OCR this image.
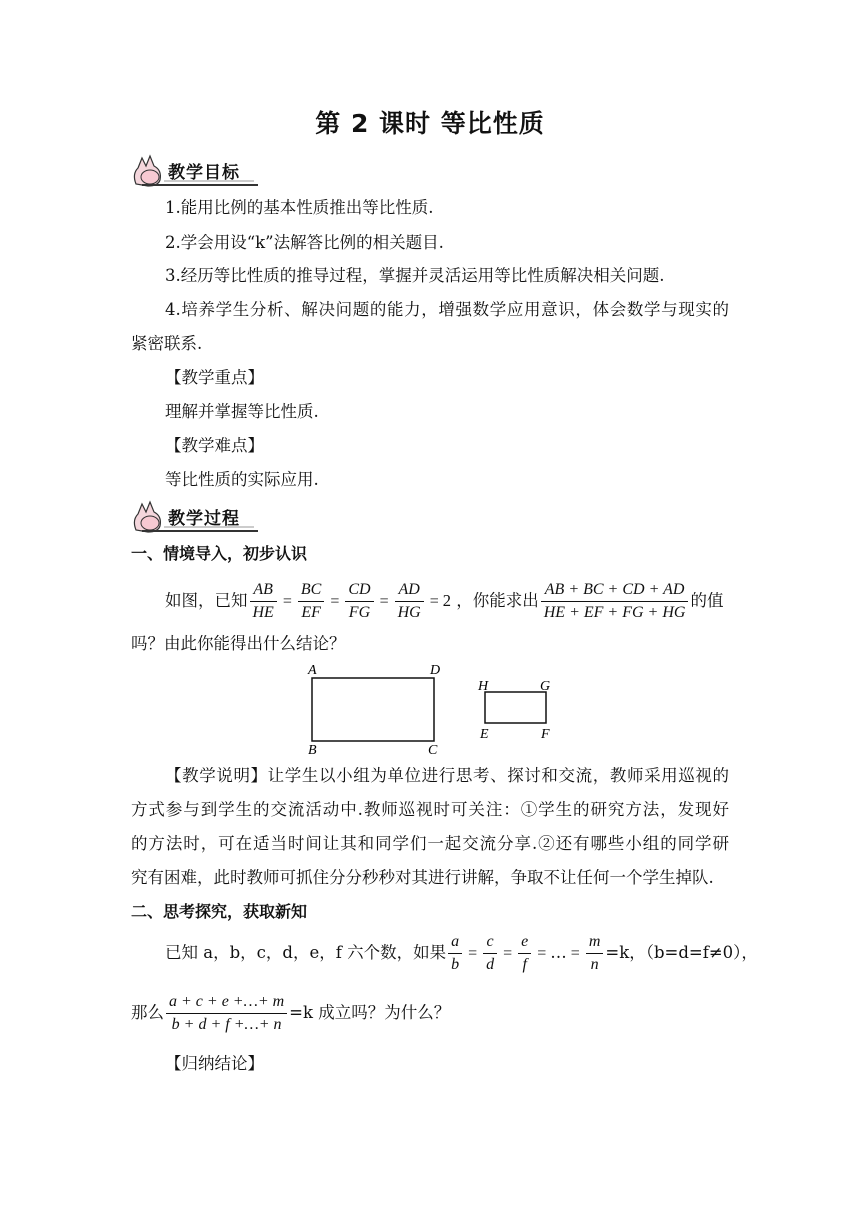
第 2 课时 等比性质
教学目标
1.能用比例的基本性质推出等比性质.
2.学会用设“k”法解答比例的相关题目.
3.经历等比性质的推导过程，掌握并灵活运用等比性质解决相关问题.
4.培养学生分析、解决问题的能力，增强数学应用意识，体会数学与现实的
紧密联系.
【教学重点】
理解并掌握等比性质.
【教学难点】
等比性质的实际应用.
教学过程
一、情境导入，初步认识
如图，已知 $\frac{AB}{HE} = \frac{BC}{EF} = \frac{CD}{FG} = \frac{AD}{HG} = 2$ ，你能求出 $\frac{AB + BC + CD + AD}{HE + EF + FG + HG}$ 的值
吗？由此你能得出什么结论？
A	D
B	C
H	G
E	F
【教学说明】让学生以小组为单位进行思考、探讨和交流，教师采用巡视的
方式参与到学生的交流活动中.教师巡视时可关注：①学生的研究方法，发现好
的方法时，可在适当时间让其和同学们一起交流分享.②还有哪些小组的同学研
究有困难，此时教师可抓住分分秒秒对其进行讲解，争取不让任何一个学生掉队.
二、思考探究，获取新知
已知 a，b，c，d，e，f 六个数，如果 $\frac{a}{b} = \frac{c}{d} = \frac{e}{f}$ = … = $\frac{m}{n} =k$，（b=d=f≠0），
那么 $\frac{a + c + e +\dots+ m}{b + d + f +\dots+ n} =k$ 成立吗？为什么？
【归纳结论】
